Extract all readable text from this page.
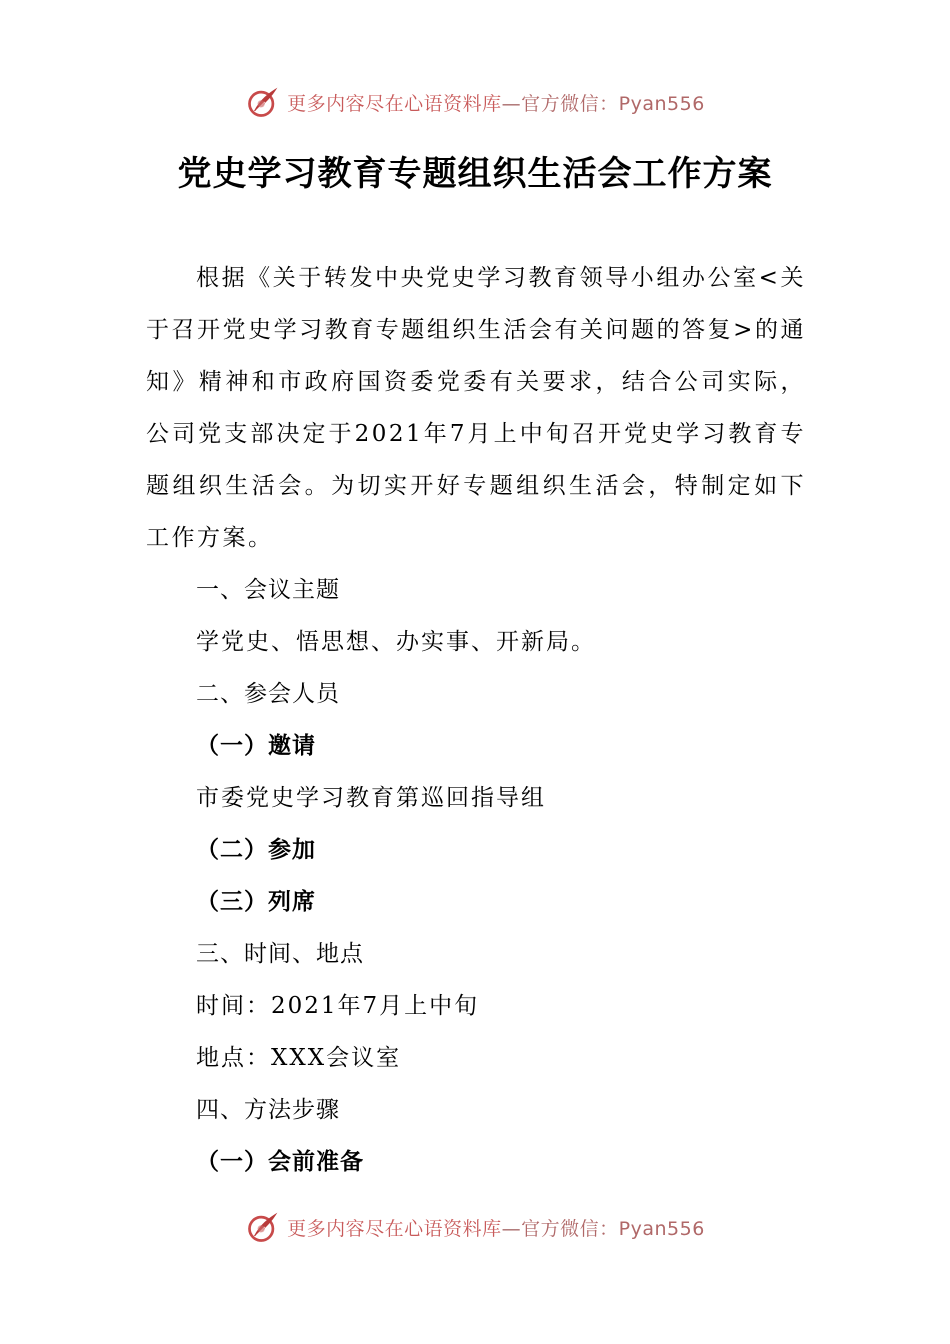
更多内容尽在心语资料库—官方微信：Pyan556
党史学习教育专题组织生活会工作方案

根据《关于转发中央党史学习教育领导小组办公室<关于召开党史学习教育专题组织生活会有关问题的答复>的通知》精神和市政府国资委党委有关要求，结合公司实际，公司党支部决定于2021年7月上中旬召开党史学习教育专题组织生活会。为切实开好专题组织生活会，特制定如下工作方案。

一、会议主题

学党史、悟思想、办实事、开新局。

二、参会人员

（一）邀请

市委党史学习教育第巡回指导组

（二）参加

（三）列席

三、时间、地点

时间：2021年7月上中旬

地点：XXX会议室

四、方法步骤

（一）会前准备

更多内容尽在心语资料库—官方微信：Pyan556
